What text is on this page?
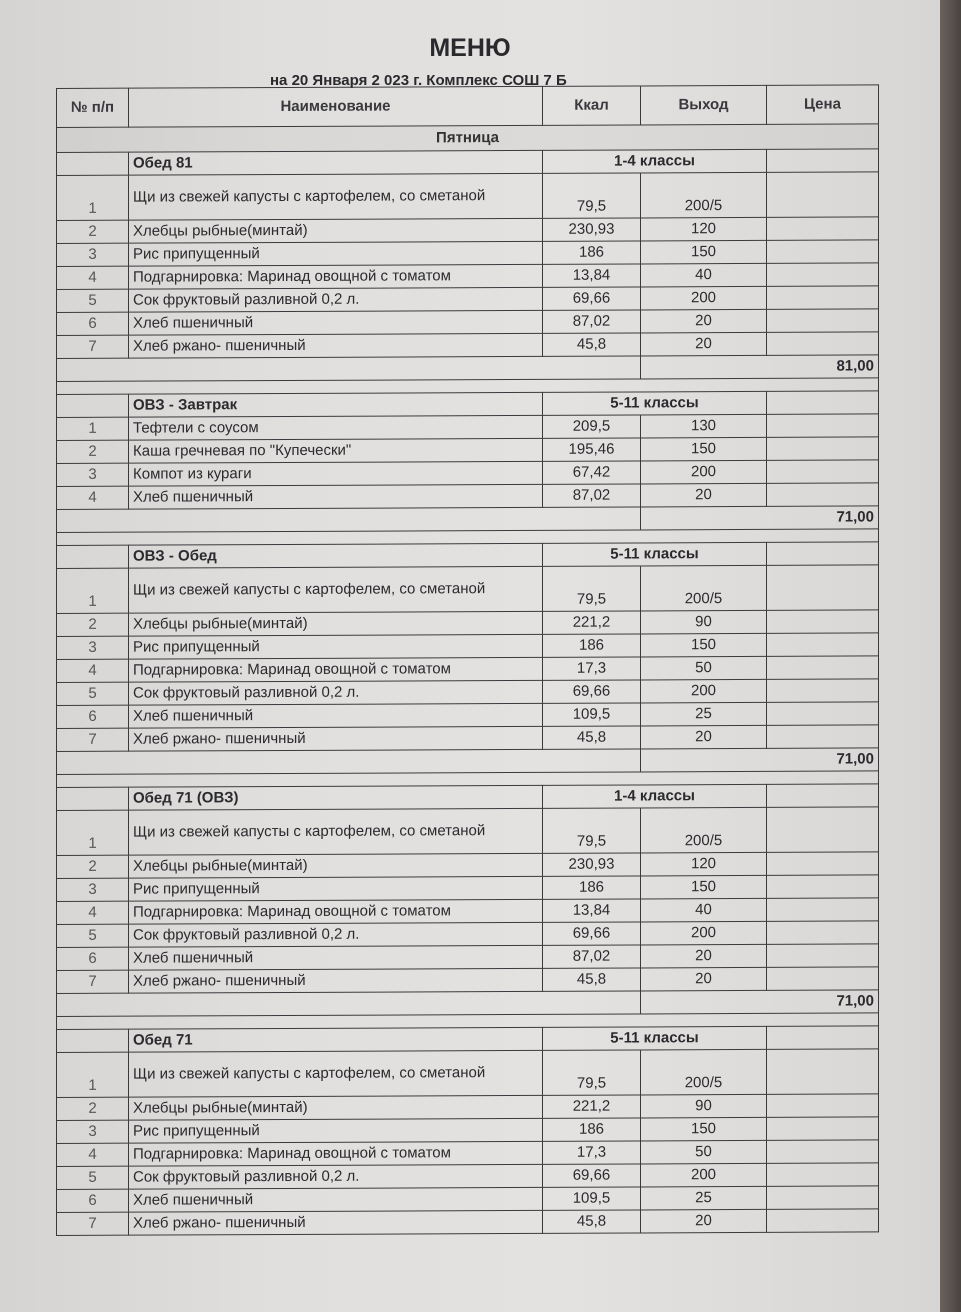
МЕНЮ
на 20 Января 2 023 г. Комплекс СОШ 7 Б
№ п/п	Наименование	Ккал	Выход	Цена
Пятница				
	Обед 81	1-4 классы		
1	Щи из свежей капусты с картофелем, со сметаной	79,5	200/5	
2	Хлебцы рыбные(минтай)	230,93	120	
3	Рис припущенный	186	150	
4	Подгарнировка: Маринад овощной с томатом	13,84	40	
5	Сок фруктовый разливной 0,2 л.	69,66	200	
6	Хлеб пшеничный	87,02	20	
7	Хлеб ржано- пшеничный	45,8	20	
			81,00	

	ОВЗ - Завтрак	5-11 классы		
1	Тефтели с соусом	209,5	130	
2	Каша гречневая по "Купечески"	195,46	150	
3	Компот из кураги	67,42	200	
4	Хлеб пшеничный	87,02	20	
			71,00	

	ОВЗ - Обед	5-11 классы		
1	Щи из свежей капусты с картофелем, со сметаной	79,5	200/5	
2	Хлебцы рыбные(минтай)	221,2	90	
3	Рис припущенный	186	150	
4	Подгарнировка: Маринад овощной с томатом	17,3	50	
5	Сок фруктовый разливной 0,2 л.	69,66	200	
6	Хлеб пшеничный	109,5	25	
7	Хлеб ржано- пшеничный	45,8	20	
			71,00	

	Обед 71 (ОВЗ)	1-4 классы		
1	Щи из свежей капусты с картофелем, со сметаной	79,5	200/5	
2	Хлебцы рыбные(минтай)	230,93	120	
3	Рис припущенный	186	150	
4	Подгарнировка: Маринад овощной с томатом	13,84	40	
5	Сок фруктовый разливной 0,2 л.	69,66	200	
6	Хлеб пшеничный	87,02	20	
7	Хлеб ржано- пшеничный	45,8	20	
			71,00	

	Обед 71	5-11 классы		
1	Щи из свежей капусты с картофелем, со сметаной	79,5	200/5	
2	Хлебцы рыбные(минтай)	221,2	90	
3	Рис припущенный	186	150	
4	Подгарнировка: Маринад овощной с томатом	17,3	50	
5	Сок фруктовый разливной 0,2 л.	69,66	200	
6	Хлеб пшеничный	109,5	25	
7	Хлеб ржано- пшеничный	45,8	20	
